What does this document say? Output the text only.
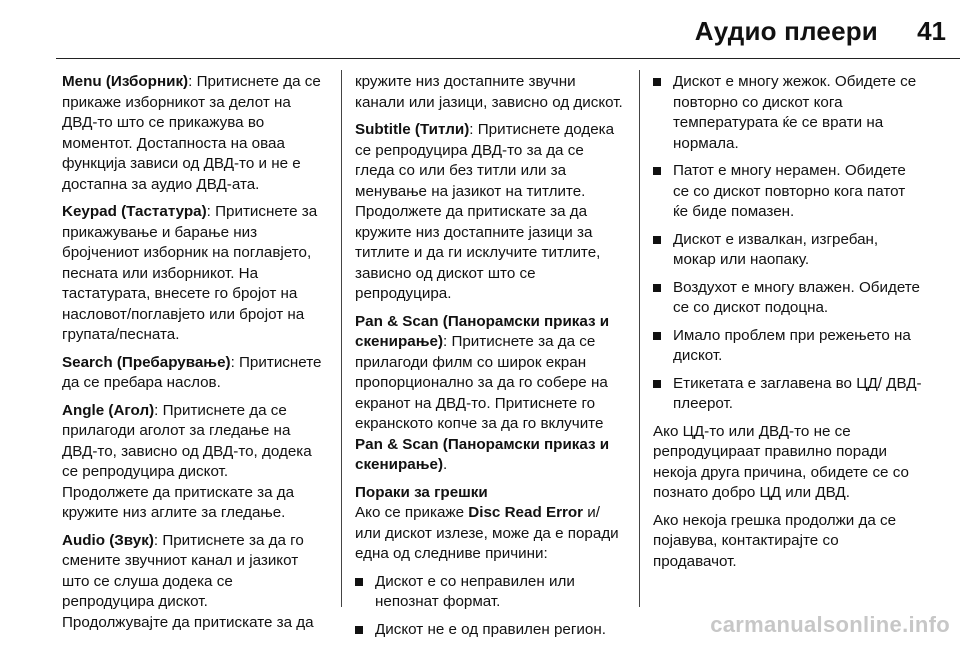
Аудио плеери 41

Menu (Изборник): Притиснете да се прикаже изборникот за делот на ДВД-то што се прикажува во моментот. Достапноста на оваа функција зависи од ДВД-то и не е достапна за аудио ДВД-ата.

Keypad (Тастатура): Притиснете за прикажување и барање низ бројчениот изборник на поглавјето, песната или изборникот. На тастатурата, внесете го бројот на насловот/поглавјето или бројот на групата/песната.

Search (Пребарување): Притиснете да се пребара наслов.

Angle (Агол): Притиснете да се прилагоди аголот за гледање на ДВД-то, зависно од ДВД-то, додека се репродуцира дискот.

Продолжете да притискате за да кружите низ аглите за гледање.

Audio (Звук): Притиснете за да го смените звучниот канал и јазикот што се слуша додека се репродуцира дискот.

Продолжувајте да притискате за да

кружите низ достапните звучни канали или јазици, зависно од дискот.

Subtitle (Титли): Притиснете додека се репродуцира ДВД-то за да се гледа со или без титли или за менување на јазикот на титлите. Продолжете да притискате за да кружите низ достапните јазици за титлите и да ги исклучите титлите, зависно од дискот што се репродуцира.

Pan & Scan (Панорамски приказ и скенирање): Притиснете за да се прилагоди филм со широк екран пропорционално за да го собере на екранот на ДВД-то. Притиснете го екранското копче за да го вклучите Pan & Scan (Панорамски приказ и скенирање).

Пораки за грешки
Ако се прикаже Disc Read Error и/ или дискот излезе, може да е поради една од следниве причини:

Дискот е со неправилен или непознат формат.
Дискот не е од правилен регион.
Дискот е многу жежок. Обидете се повторно со дискот кога температурата ќе се врати на нормала.
Патот е многу нерамен. Обидете се со дискот повторно кога патот ќе биде помазен.
Дискот е извалкан, изгребан, мокар или наопаку.
Воздухот е многу влажен. Обидете се со дискот подоцна.
Имало проблем при режењето на дискот.
Етикетата е заглавена во ЦД/ ДВД-плеерот.

Ако ЦД-то или ДВД-то не се репродуцираат правилно поради некоја друга причина, обидете се со познато добро ЦД или ДВД.

Ако некоја грешка продолжи да се појавува, контактирајте со продавачот.

carmanualsonline.info
